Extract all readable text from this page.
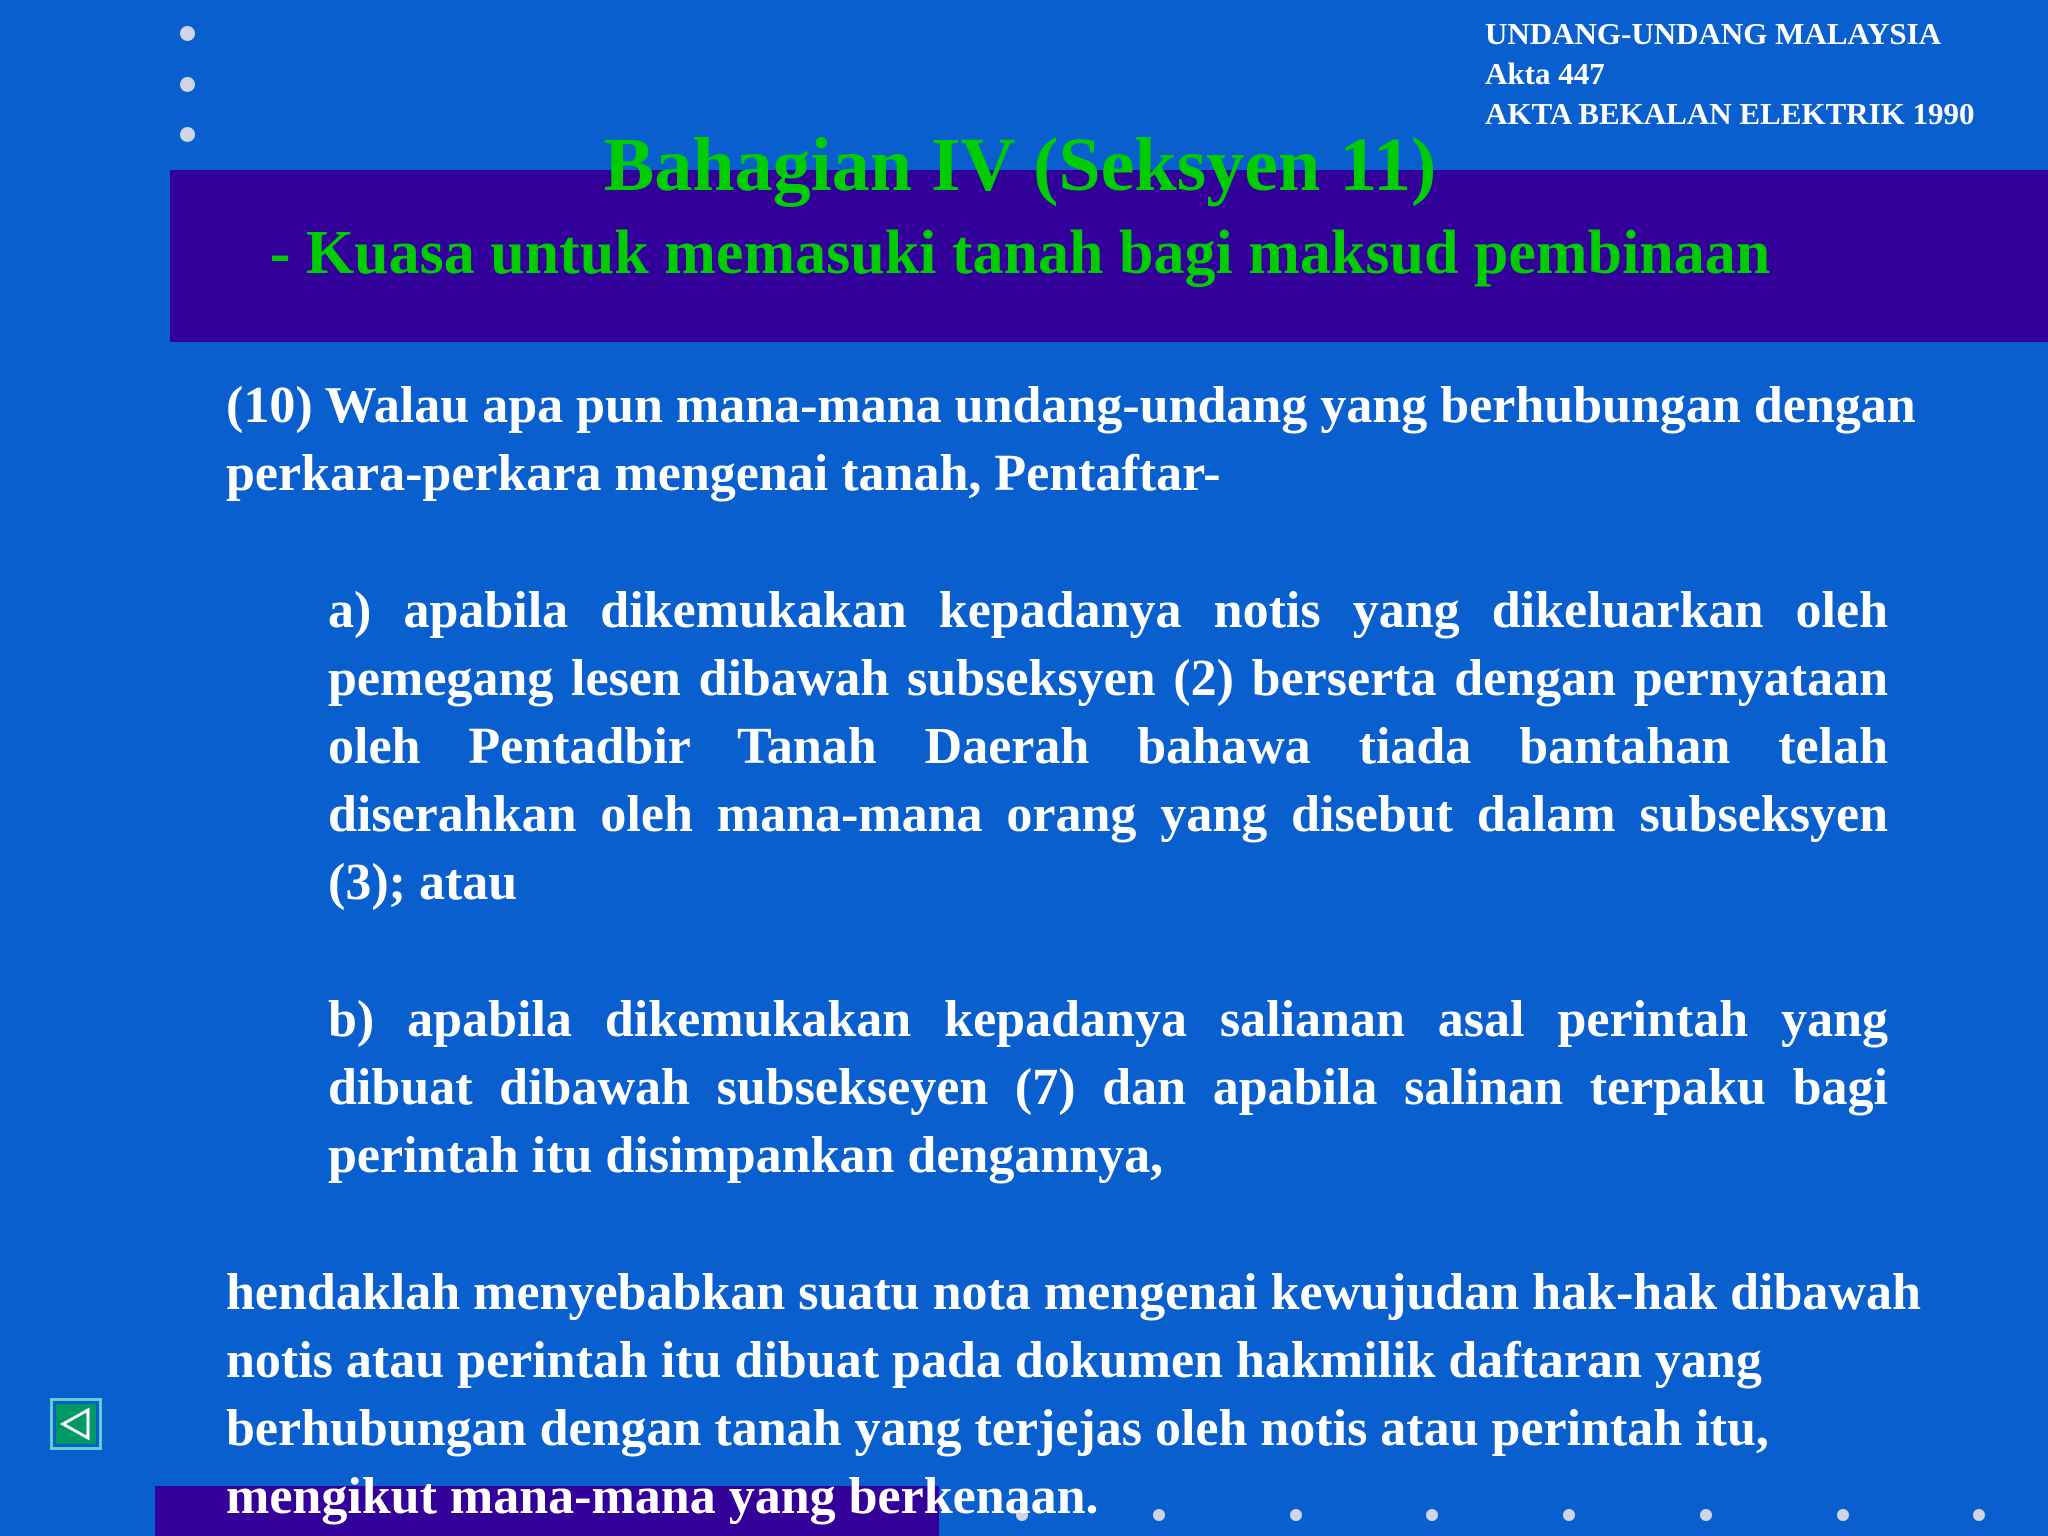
UNDANG-UNDANG MALAYSIA
Akta 447
AKTA BEKALAN ELEKTRIK 1990
Bahagian IV (Seksyen 11)
- Kuasa untuk memasuki tanah bagi maksud pembinaan
(10) Walau apa pun mana-mana undang-undang yang berhubungan dengan perkara-perkara mengenai tanah, Pentaftar-
a) apabila dikemukakan kepadanya notis yang dikeluarkan oleh pemegang lesen dibawah subseksyen (2) berserta dengan pernyataan oleh Pentadbir Tanah Daerah bahawa tiada bantahan telah diserahkan oleh mana-mana orang yang disebut dalam subseksyen (3); atau
b) apabila dikemukakan kepadanya salianan asal perintah yang dibuat dibawah subsekseyen (7) dan apabila salinan terpaku bagi perintah itu disimpankan dengannya,
hendaklah menyebabkan suatu nota mengenai kewujudan hak-hak dibawah notis atau perintah itu dibuat pada dokumen hakmilik daftaran yang berhubungan dengan tanah yang terjejas oleh notis atau perintah itu, mengikut mana-mana yang berkenaan.
